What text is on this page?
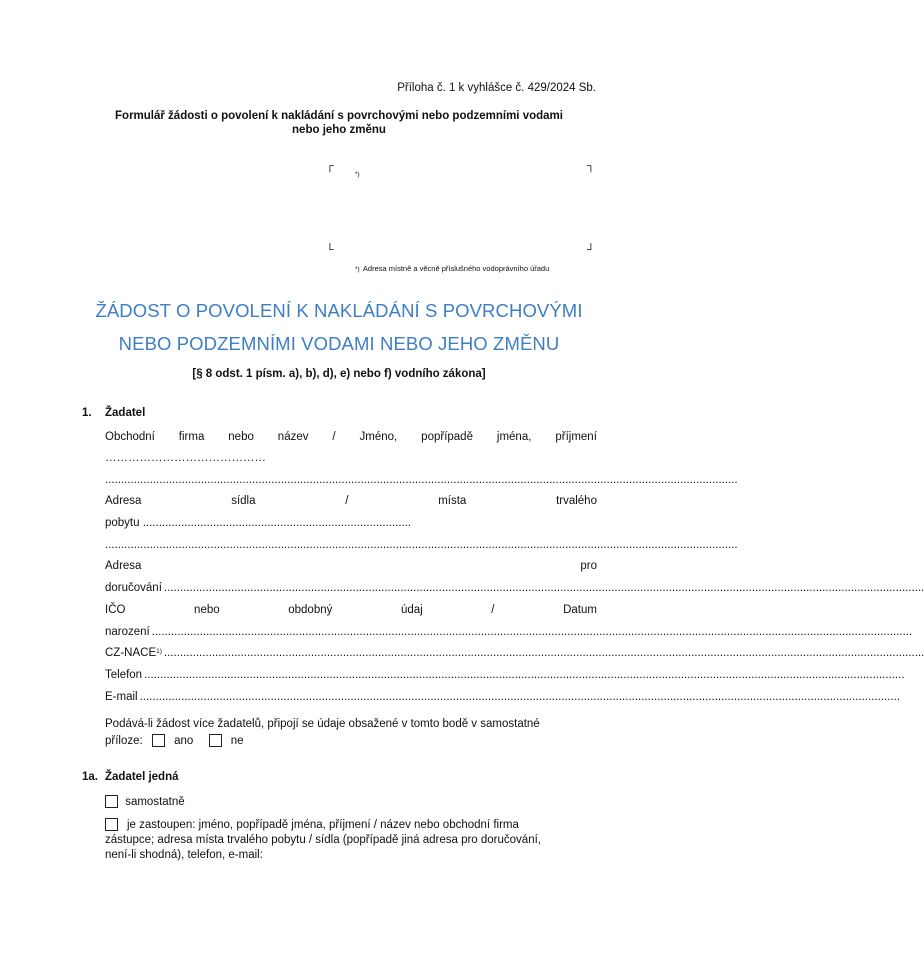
Příloha č. 1 k vyhlášce č. 429/2024 Sb.
Formulář žádosti o povolení k nakládání s povrchovými nebo podzemními vodami
nebo jeho změnu
┌
*)
┐
└	┘
*) Adresa místně a věcně příslušného vodoprávního úřadu
ŽÁDOST O POVOLENÍ K NAKLÁDÁNÍ S POVRCHOVÝMI
NEBO PODZEMNÍMI VODAMI NEBO JEHO ZMĚNU
[§ 8 odst. 1 písm. a), b), d), e) nebo f) vodního zákona]
1. Žadatel
Obchodní firma nebo název / Jméno, popřípadě jména, příjmení
……………………………………
......................................................................................................................................................................................................
Adresa	sídla	/	místa	trvalého
pobytu ....................................................................................
......................................................................................................................................................................................................
Adresa	pro
doručování ..............................................................................................................................................................................................................................................
IČO	nebo	obdobný	údaj	/	Datum
narození ..............................................................................................................................................................................................................................................
CZ-NACE$^{1)}$ ..............................................................................................................................................................................................................................................
Telefon ..............................................................................................................................................................................................................................................
E-mail ..............................................................................................................................................................................................................................................
Podává-li žádost více žadatelů, připojí se údaje obsažené v tomto bodě v samostatné
příloze:	ano	ne
1a. Žadatel jedná
samostatně
je zastoupen: jméno, popřípadě jména, příjmení / název nebo obchodní firma
zástupce; adresa místa trvalého pobytu / sídla (popřípadě jiná adresa pro doručování,
není-li shodná), telefon, e-mail:
